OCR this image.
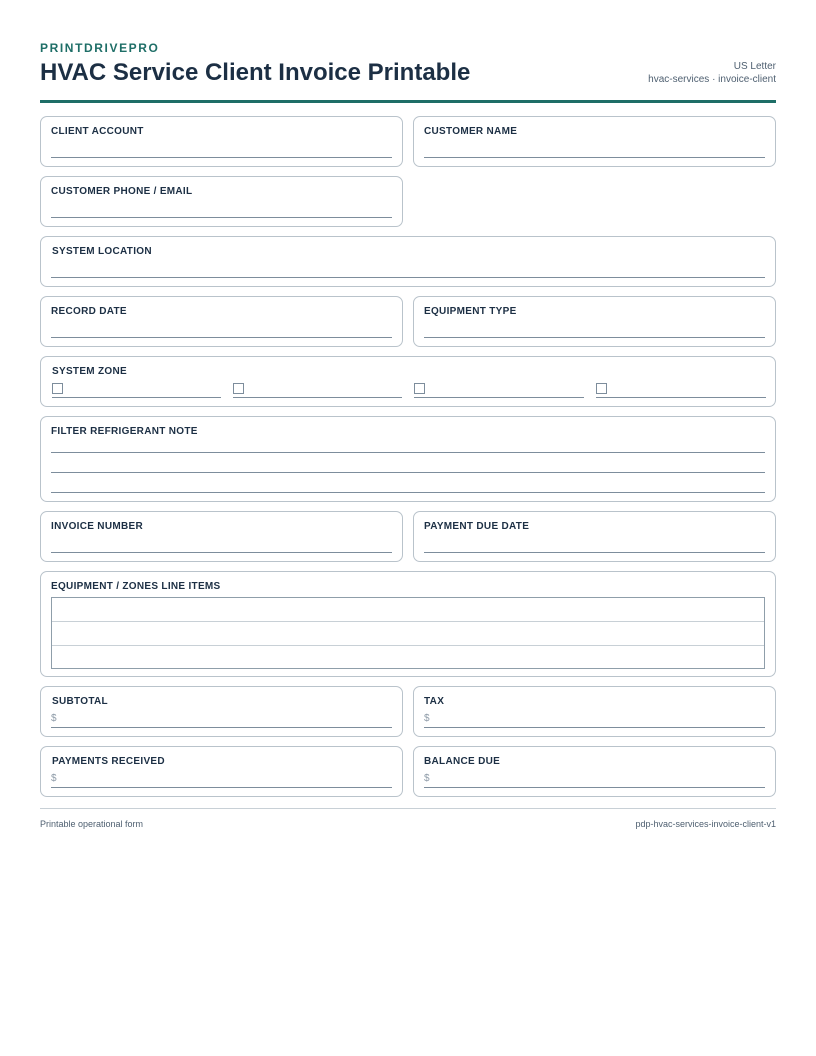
PRINTDRIVEPRO
HVAC Service Client Invoice Printable	US Letter
hvac-services · invoice-client
CLIENT ACCOUNT	CUSTOMER NAME
CUSTOMER PHONE / EMAIL
SYSTEM LOCATION
RECORD DATE	EQUIPMENT TYPE
SYSTEM ZONE
FILTER REFRIGERANT NOTE
INVOICE NUMBER	PAYMENT DUE DATE
EQUIPMENT / ZONES LINE ITEMS
SUBTOTAL
$
TAX
$
PAYMENTS RECEIVED
$
BALANCE DUE
$
Printable operational form	pdp-hvac-services-invoice-client-v1
